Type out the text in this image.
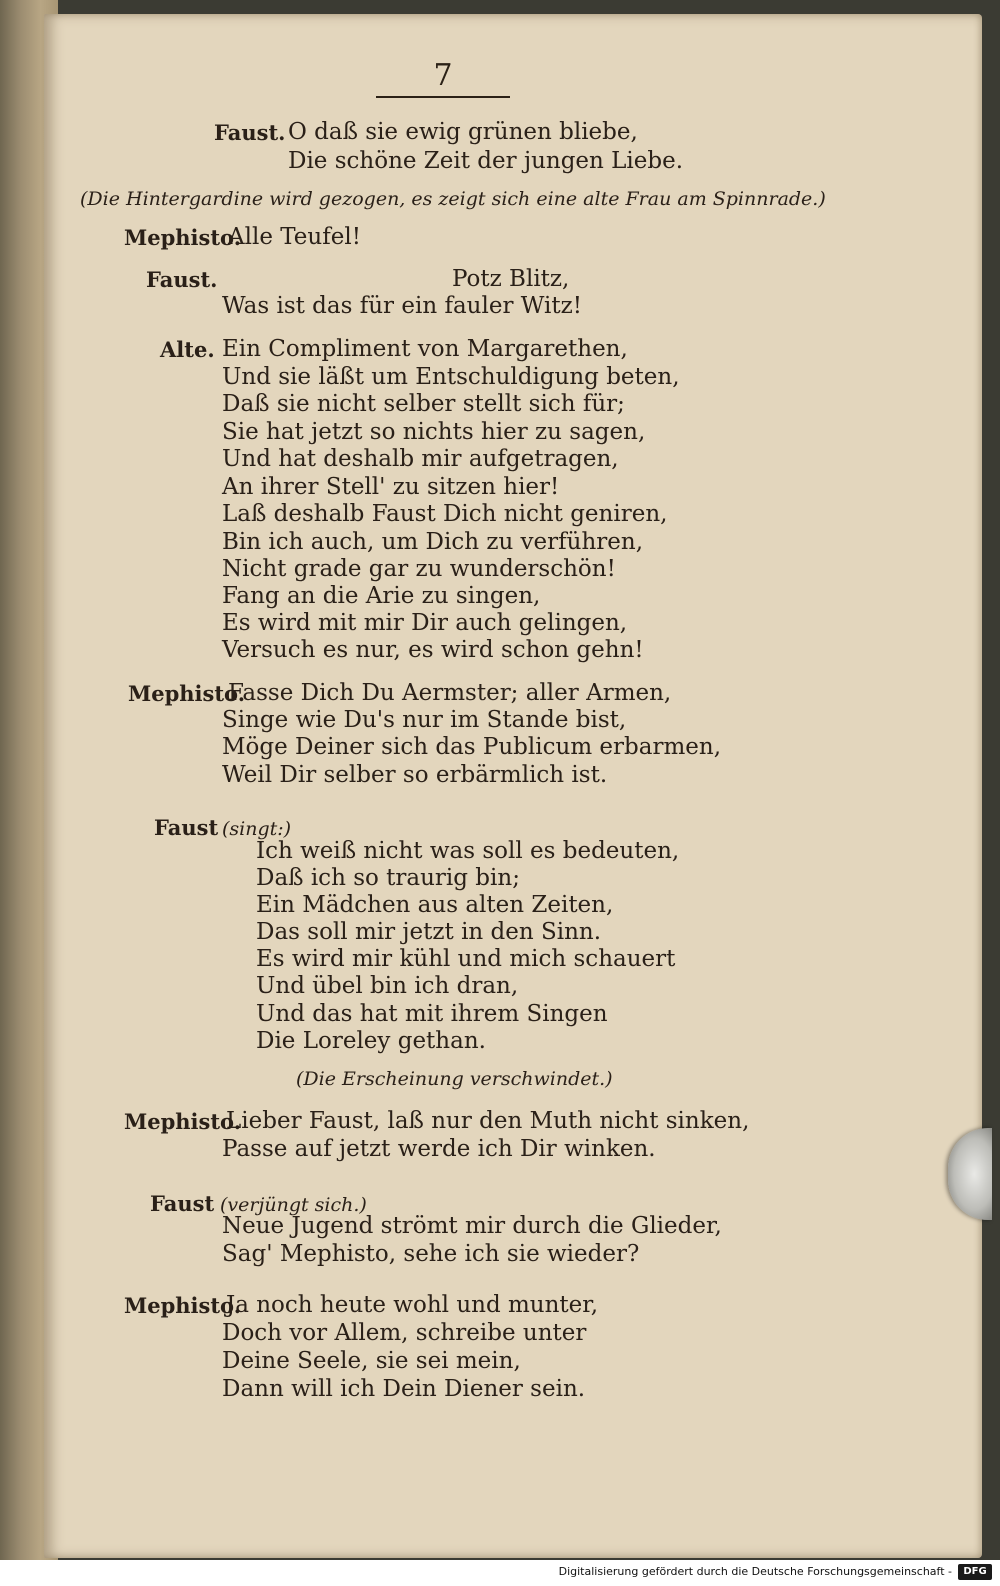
7
Faust. O daß sie ewig grünen bliebe,
Die schöne Zeit der jungen Liebe.
(Die Hintergardine wird gezogen, es zeigt sich eine alte Frau am Spinnrade.)
Mephisto.
Alle Teufel!
Faust.	Potz Blitz,
Was ist das für ein fauler Witz!
Alte. Ein Compliment von Margarethen,
Und sie läßt um Entschuldigung beten,
Daß sie nicht selber stellt sich für;
Sie hat jetzt so nichts hier zu sagen,
Und hat deshalb mir aufgetragen,
An ihrer Stell' zu sitzen hier!
Laß deshalb Faust Dich nicht geniren,
Bin ich auch, um Dich zu verführen,
Nicht grade gar zu wunderschön!
Fang an die Arie zu singen,
Es wird mit mir Dir auch gelingen,
Versuch es nur, es wird schon gehn!
Mephisto.
Fasse Dich Du Aermster; aller Armen,
Singe wie Du's nur im Stande bist,
Möge Deiner sich das Publicum erbarmen,
Weil Dir selber so erbärmlich ist.
Faust (singt:)
Ich weiß nicht was soll es bedeuten,
Daß ich so traurig bin;
Ein Mädchen aus alten Zeiten,
Das soll mir jetzt in den Sinn.
Es wird mir kühl und mich schauert
Und übel bin ich dran,
Und das hat mit ihrem Singen
Die Loreley gethan.
(Die Erscheinung verschwindet.)
Mephisto.
Lieber Faust, laß nur den Muth nicht sinken,
Passe auf jetzt werde ich Dir winken.
Faust (verjüngt sich.)
Neue Jugend strömt mir durch die Glieder,
Sag' Mephisto, sehe ich sie wieder?
Mephisto.
Ja noch heute wohl und munter,
Doch vor Allem, schreibe unter
Deine Seele, sie sei mein,
Dann will ich Dein Diener sein.
Digitalisierung gefördert durch die Deutsche Forschungsgemeinschaft -	DFG
